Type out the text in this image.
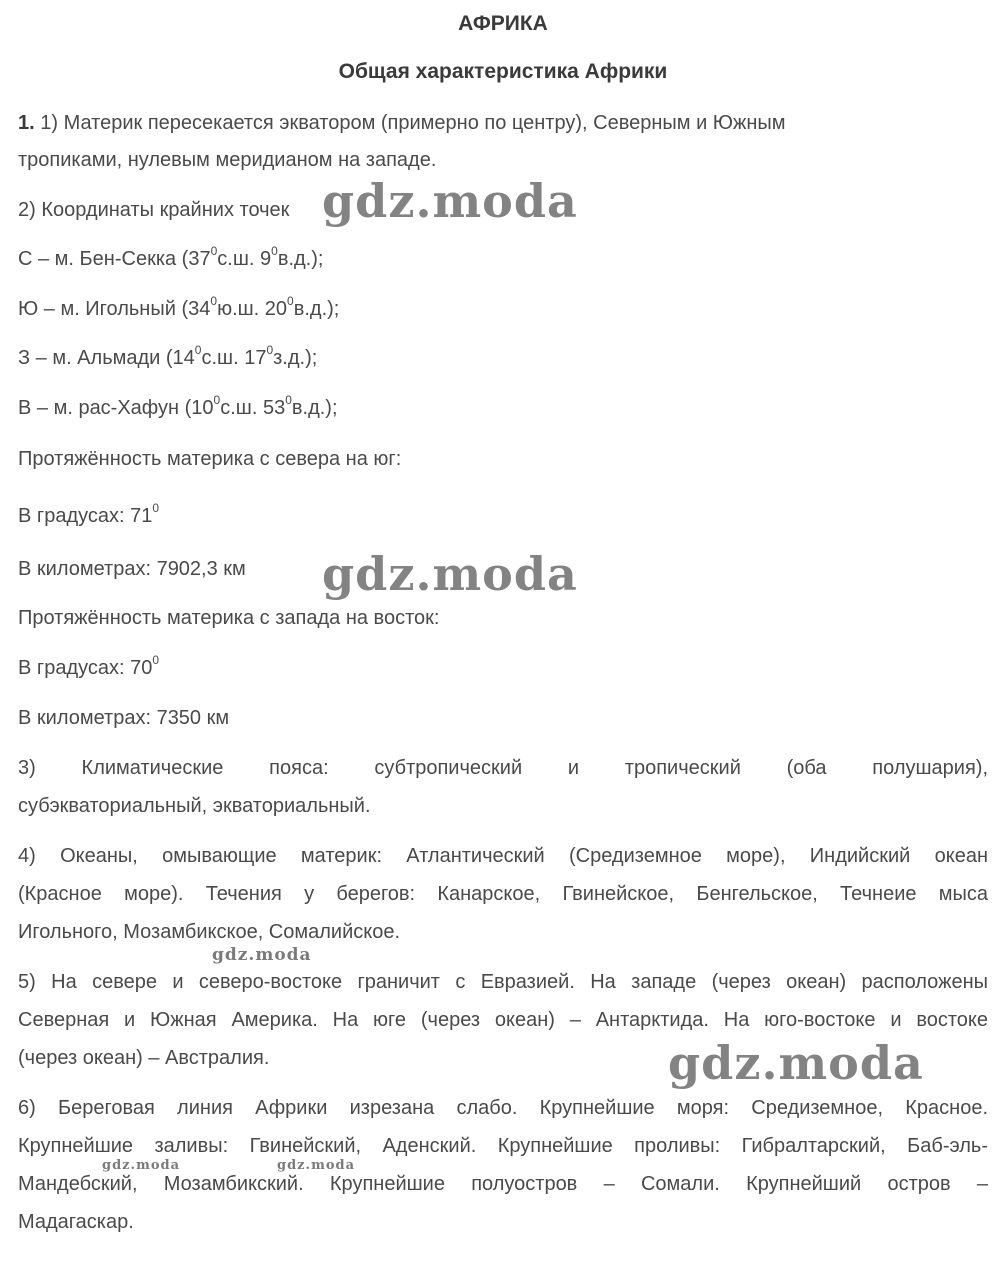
АФРИКА
Общая характеристика Африки
1. 1) Материк пересекается экватором (примерно по центру), Северным и Южным
тропиками, нулевым меридианом на западе.
2) Координаты крайних точек
С – м. Бен-Секка ($37^0с.ш$. $9^0в.д$.);
Ю – м. Игольный ($34^0ю.ш$. $20^0в.д$.);
З – м. Альмади ($14^0с.ш$. $17^0з.д$.);
В – м. рас-Хафун ($10^0с.ш$. $53^0в.д$.);
Протяжённость материка с севера на юг:
В градусах: $71^0$
В километрах: 7902,3 км
Протяжённость материка с запада на восток:
В градусах: $70^0$
В километрах: 7350 км
3) Климатические пояса: субтропический и тропический (оба полушария),
субэкваториальный, экваториальный.
4) Океаны, омывающие материк: Атлантический (Средиземное море), Индийский океан
(Красное море). Течения у берегов: Канарское, Гвинейское, Бенгельское, Течнеие мыса
Игольного, Мозамбикское, Сомалийское.
5) На севере и северо-востоке граничит с Евразией. На западе (через океан) расположены
Северная и Южная Америка. На юге (через океан) – Антарктида. На юго-востоке и востоке
(через океан) – Австралия.
6) Береговая линия Африки изрезана слабо. Крупнейшие моря: Средиземное, Красное.
Крупнейшие заливы: Гвинейский, Аденский. Крупнейшие проливы: Гибралтарский, Баб-эль-
Мандебский, Мозамбикский. Крупнейшие полуостров – Сомали. Крупнейший остров –
Мадагаскар.
gdz.moda
gdz.moda
gdz.moda
gdz.moda
gdz.moda	gdz.moda
